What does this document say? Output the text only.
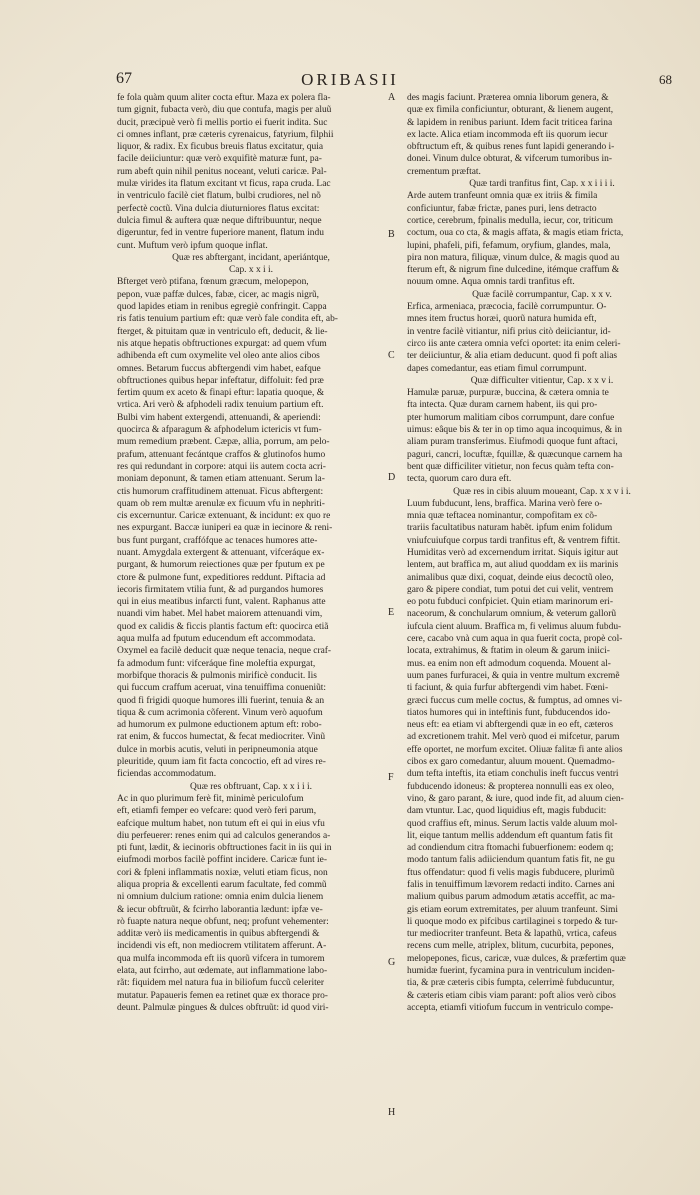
67	ORIBASII	68
fe fola quàm quum aliter cocta eftur. Maza ex polera fla-
tum gignit, fubacta verò, diu que contufa, magis per aluũ
ducit, præcipuè verò fi mellis portio ei fuerit indita. Suc
ci omnes inflant, præ cæteris cyrenaicus, fatyrium, filphii
liquor, & radix. Ex ficubus breuis flatus excitatur, quia
facile deiiciuntur: quæ verò exquifitè maturæ funt, pa-
rum abeft quin nihil penitus noceant, veluti caricæ. Pal-
mulæ virides ita flatum excitant vt ficus, rapa cruda. Lac
in ventriculo facilè ciet flatum, bulbi crudiores, nel nõ
perfectè coctũ. Vina dulcia diuturniores flatus excitat:
dulcia fimul & auftera quæ neque diftribuuntur, neque
digeruntur, fed in ventre fuperiore manent, flatum indu
cunt. Muftum verò ipfum quoque inflat.
Quæ res abftergant, incidant, aperiántque,
Cap. x x i i.
Bfterget verò ptifana, fœnum græcum, melopepon,
pepon, vuæ paffæ dulces, fabæ, cicer, ac magis nigrũ,
quod lapides etiam in renibus egregiè confringit. Cappa
ris fatis tenuium partium eft: quæ verò fale condita eft, ab-
fterget, & pituitam quæ in ventriculo eft, deducit, & lie-
nis atque hepatis obftructiones expurgat: ad quem vfum
adhibenda eft cum oxymelite vel oleo ante alios cibos
omnes. Betarum fuccus abftergendi vim habet, eafque
obftructiones quibus hepar infeftatur, diffoluit: fed præ
fertim quum ex aceto & finapi eftur: lapatia quoque, &
vrtica. Ari verò & afphodeli radix tenuium partium eft.
Bulbi vim habent extergendi, attenuandi, & aperiendi:
quocirca & afparagum & afphodelum ictericis vt fum-
mum remedium præbent. Cæpæ, allia, porrum, am pelo-
prafum, attenuant fecántque craffos & glutinofos humo
res qui redundant in corpore: atqui iis autem cocta acri-
moniam deponunt, & tamen etiam attenuant. Serum la-
ctis humorum craffitudinem attenuat. Ficus abftergent:
quam ob rem multæ arenulæ ex ficuum vfu in nephriti-
cis excernuntur. Caricæ extenuant, & incidunt: ex quo re
nes expurgant. Baccæ iuniperi ea quæ in iecinore & reni-
bus funt purgant, craffófque ac tenaces humores atte-
nuant. Amygdala extergent & attenuant, vifceráque ex-
purgant, & humorum reiectiones quæ per fputum ex pe
ctore & pulmone funt, expeditiores reddunt. Piftacia ad
iecoris firmitatem vtilia funt, & ad purgandos humores
qui in eius meatibus infarcti funt, valent. Raphanus atte
nuandi vim habet. Mel habet maiorem attenuandi vim,
quod ex calidis & ficcis plantis factum eft: quocirca etiã
aqua mulfa ad fputum educendum eft accommodata.
Oxymel ea facilè deducit quæ neque tenacia, neque craf-
fa admodum funt: vifceráque fine moleftia expurgat,
morbifque thoracis & pulmonis mirificè conducit. Iis
qui fuccum craffum aceruat, vina tenuiffima conueniũt:
quod fi frigidi quoque humores illi fuerint, tenuia & an
tiqua & cum acrimonia cõferent. Vinum verò aquofum
ad humorum ex pulmone eductionem aptum eft: robo-
rat enim, & fuccos humectat, & fecat mediocriter. Vinũ
dulce in morbis acutis, veluti in peripneumonia atque
pleuritide, quum iam fit facta concoctio, eft ad vires re-
ficiendas accommodatum.
Quæ res obftruant, Cap. x x i i i.
Ac in quo plurimum ferè fit, minimè periculofum
eft, etiamfi femper eo vefcare: quod verò feri parum,
eafcique multum habet, non tutum eft ei qui in eius vfu
diu perfeuerer: renes enim qui ad calculos generandos a-
pti funt, lædit, & iecinoris obftructiones facit in iis qui in
eiufmodi morbos facilè poffint incidere. Caricæ funt ie-
cori & fpleni inflammatis noxiæ, veluti etiam ficus, non
aliqua propria & excellenti earum facultate, fed commũ
ni omnium dulcium ratione: omnia enim dulcia lienem
& iecur obftruũt, & fcirrho laborantia lædunt: ipfæ ve-
rò fuapte natura neque obfunt, neq; profunt vehementer:
additæ verò iis medicamentis in quibus abftergendi &
incidendi vis eft, non mediocrem vtilitatem afferunt. A-
qua mulfa incommoda eft iis quorũ vifcera in tumorem
elata, aut fcirrho, aut œdemate, aut inflammatione labo-
rãt: fiquidem mel natura fua in biliofum fuccũ celeriter
mutatur. Papaueris femen ea retinet quæ ex thorace pro-
deunt. Palmulæ pingues & dulces obftruũt: id quod viri-
A
B
C
D
E
F
G
H
des magis faciunt. Præterea omnia liborum genera, &
quæ ex fimila conficiuntur, obturant, & lienem augent,
& lapidem in renibus pariunt. Idem facit triticea farina
ex lacte. Alica etiam incommoda eft iis quorum iecur
obftructum eft, & quibus renes funt lapidi generando i-
donei. Vinum dulce obturat, & vifcerum tumoribus in-
crementum præftat.
Quæ tardi tranfitus fint, Cap. x x i i i i.
Arde autem tranfeunt omnia quæ ex itriis & fimila
conficiuntur, fabæ frictæ, panes puri, lens detracto
cortice, cerebrum, fpinalis medulla, iecur, cor, triticum
coctum, oua co cta, & magis affata, & magis etiam fricta,
lupini, phafeli, pifi, fefamum, oryfium, glandes, mala,
pira non matura, filiquæ, vinum dulce, & magis quod au
fterum eft, & nigrum fine dulcedine, itémque craffum &
nouum omne. Aqua omnis tardi tranfitus eft.
Quæ facilè corrumpantur, Cap. x x v.
Erfica, armeniaca, præcocia, facilè corrumpuntur. O-
mnes item fructus horæi, quorũ natura humida eft,
in ventre facilè vitiantur, nifi prius citò deiiciantur, id-
circo iis ante cætera omnia vefci oportet: ita enim celeri-
ter deiiciuntur, & alia etiam deducunt. quod fi poft alias
dapes comedantur, eas etiam fimul corrumpunt.
Quæ difficulter vitientur, Cap. x x v i.
Hamulæ paruæ, purpuræ, buccina, & cætera omnia te
fta intecta. Quæ duram carnem habent, iis qui pro-
pter humorum malitiam cibos corrumpunt, dare confue
uimus: eâque bis & ter in op timo aqua incoquimus, & in
aliam puram transferimus. Eiufmodi quoque funt aftaci,
paguri, cancri, locuftæ, fquillæ, & quæcunque carnem ha
bent quæ difficiliter vitietur, non fecus quàm tefta con-
tecta, quorum caro dura eft.
Quæ res in cibis aluum moueant, Cap. x x v i i.
Luum fubducunt, lens, braffica. Marina verò fere o-
mnia quæ teftacea nominantur, compofitam ex cõ-
trariis facultatibus naturam habẽt. ipfum enim folidum
vniufcuiufque corpus tardi tranfitus eft, & ventrem fiftit.
Humiditas verò ad excernendum irritat. Siquis igitur aut
lentem, aut braffica m, aut aliud quoddam ex iis marinis
animalibus quæ dixi, coquat, deinde eius decoctũ oleo,
garo & pipere condiat, tum potui det cui velit, ventrem
eo potu fubduci confpiciet. Quin etiam marinorum eri-
naceorum, & conchularum omnium, & veterum gallorũ
iufcula cient aluum. Braffica m, fi velimus aluum fubdu-
cere, cacabo vnà cum aqua in qua fuerit cocta, propè col-
locata, extrahimus, & ftatim in oleum & garum iniici-
mus. ea enim non eft admodum coquenda. Mouent al-
uum panes furfuracei, & quia in ventre multum excremẽ
ti faciunt, & quia furfur abftergendi vim habet. Fœni-
græci fuccus cum melle coctus, & fumptus, ad omnes vi-
tiatos humores qui in inteftinis funt, fubducendos ido-
neus eft: ea etiam vi abftergendi quæ in eo eft, cæteros
ad excretionem trahit. Mel verò quod ei mifcetur, parum
effe oportet, ne morfum excitet. Oliuæ falitæ fi ante alios
cibos ex garo comedantur, aluum mouent. Quemadmo-
dum tefta inteftis, ita etiam conchulis ineft fuccus ventri
fubducendo idoneus: & propterea nonnulli eas ex oleo,
vino, & garo parant, & iure, quod inde fit, ad aluum cien-
dam vtuntur. Lac, quod liquidius eft, magis fubducit:
quod craffius eft, minus. Serum lactis valde aluum mol-
lit, eique tantum mellis addendum eft quantum fatis fit
ad condiendum citra ftomachi fubuerfionem: eodem q;
modo tantum falis adiiciendum quantum fatis fit, ne gu
ftus offendatur: quod fi velis magis fubducere, plurimũ
falis in tenuiffimum lævorem redacti indito. Carnes ani
malium quibus parum admodum ætatis acceffit, ac ma-
gis etiam eorum extremitates, per aluum tranfeunt. Simi
li quoque modo ex pifcibus cartilaginei s torpedo & tur-
tur mediocriter tranfeunt. Beta & lapathũ, vrtica, cafeus
recens cum melle, atriplex, blitum, cucurbita, pepones,
melopepones, ficus, caricæ, vuæ dulces, & præfertim quæ
humidæ fuerint, fycamina pura in ventriculum inciden-
tia, & præ cæteris cibis fumpta, celerrimè fubducuntur,
& cæteris etiam cibis viam parant: poft alios verò cibos
accepta, etiamfi vitiofum fuccum in ventriculo compe-
